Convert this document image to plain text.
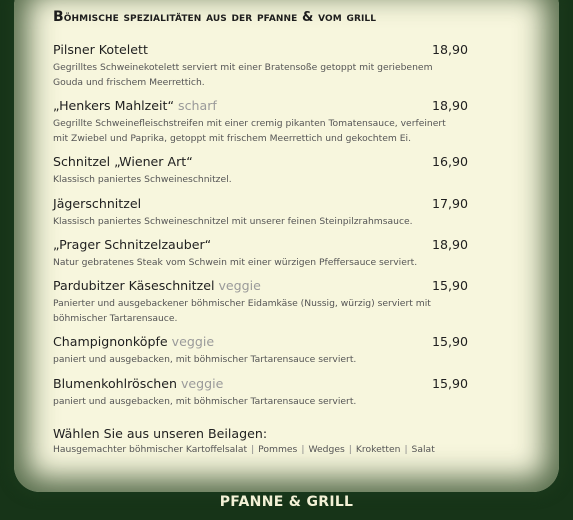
Böhmische spezialitäten aus der pfanne & vom grill
Pilsner Kotelett	18,90
Gegrilltes Schweinekotelett serviert mit einer Bratensoße getoppt mit geriebenem Gouda und frischem Meerrettich.
„Henkers Mahlzeit“ scharf	18,90
Gegrillte Schweinefleischstreifen mit einer cremig pikanten Tomatensauce, verfeinert mit Zwiebel und Paprika, getoppt mit frischem Meerrettich und gekochtem Ei.
Schnitzel „Wiener Art“	16,90
Klassisch paniertes Schweineschnitzel.
Jägerschnitzel	17,90
Klassisch paniertes Schweineschnitzel mit unserer feinen Steinpilzrahmsauce.
„Prager Schnitzelzauber“	18,90
Natur gebratenes Steak vom Schwein mit einer würzigen Pfeffersauce serviert.
Pardubitzer Käseschnitzel veggie	15,90
Panierter und ausgebackener böhmischer Eidamkäse (Nussig, würzig) serviert mit böhmischer Tartarensauce.
Champignonköpfe veggie	15,90
paniert und ausgebacken, mit böhmischer Tartarensauce serviert.
Blumenkohlröschen veggie	15,90
paniert und ausgebacken, mit böhmischer Tartarensauce serviert.
Wählen Sie aus unseren Beilagen:
Hausgemachter böhmischer Kartoffelsalat | Pommes | Wedges | Kroketten | Salat
PFANNE & GRILL
